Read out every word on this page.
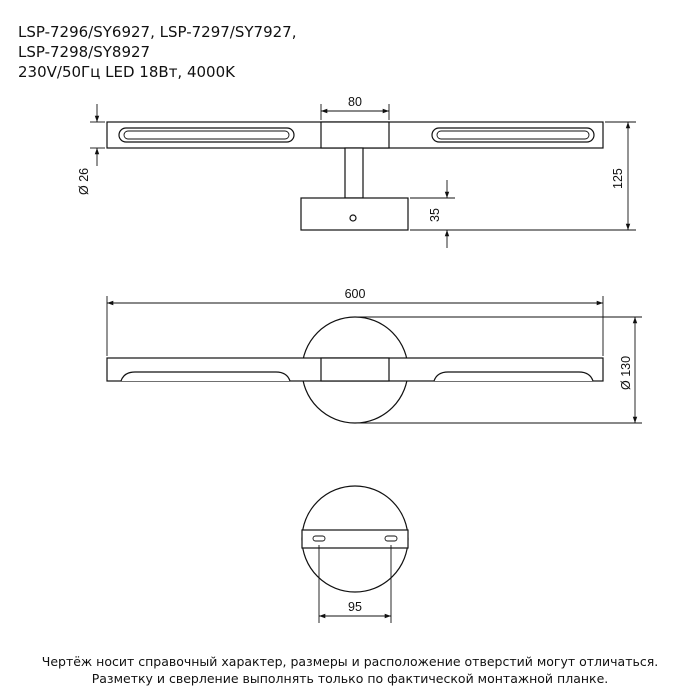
LSP-7296/SY6927, LSP-7297/SY7927,
LSP-7298/SY8927
230V/50Гц LED 18Вт, 4000K
80
Ø 26	125
35
600
Ø 130
95
Чертёж носит справочный характер, размеры и расположение отверстий могут отличаться.
Разметку и сверление выполнять только по фактической монтажной планке.
